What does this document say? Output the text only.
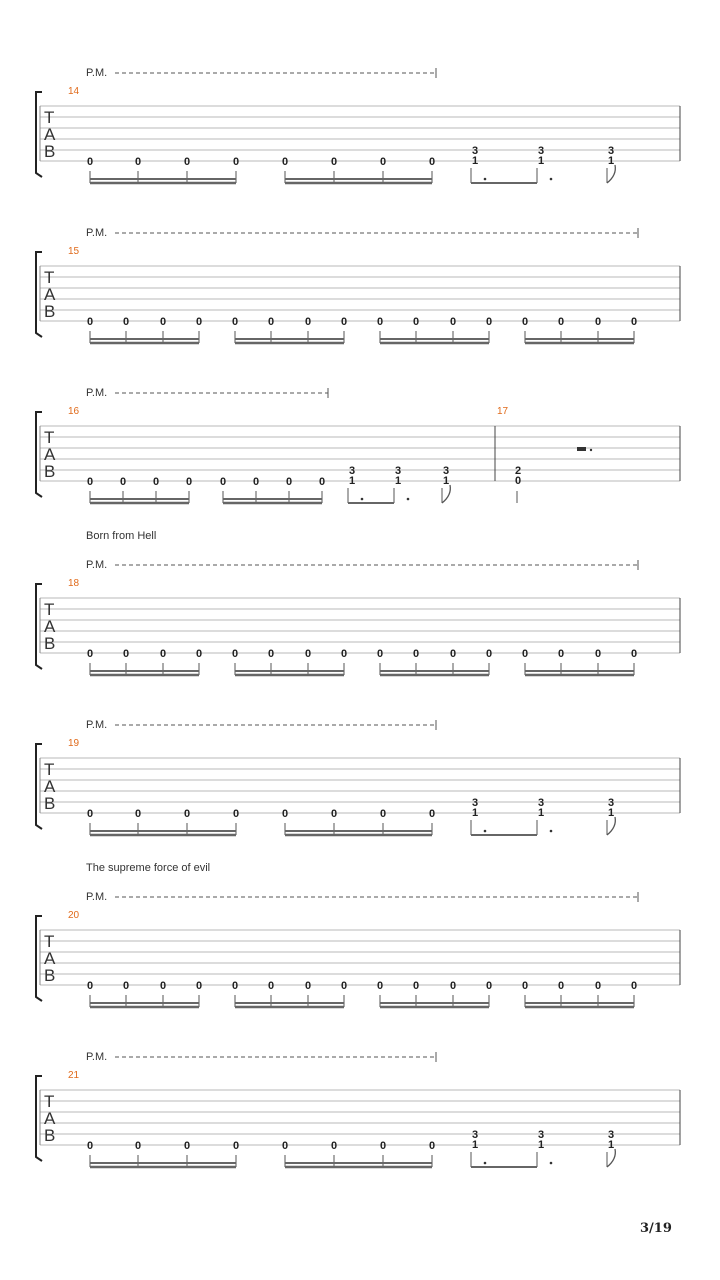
P.M.
14
T
A
B
0	0	0	0	0	0	0	0
3
1
3
1
3
1
P.M.
15
T
A
B
0	0	0	0	0	0	0	0	0	0	0	0	0	0	0	0
P.M.
16	17
T
A
B
0 0 0 0	0 0 0 0
3
1
3
1
3
1
2
0
Born from Hell
P.M.
18
T
A
B
0	0	0	0	0	0	0	0	0	0	0	0	0	0	0	0
P.M.
19
T
A
B
0	0	0	0	0	0	0	0
3
1
3
1
3
1
The supreme force of evil
P.M.
20
T
A
B
0	0	0	0	0	0	0	0	0	0	0	0	0	0	0	0
P.M.
21
T
A
B
0	0	0	0	0	0	0	0
3
1
3
1
3
1
3/19
